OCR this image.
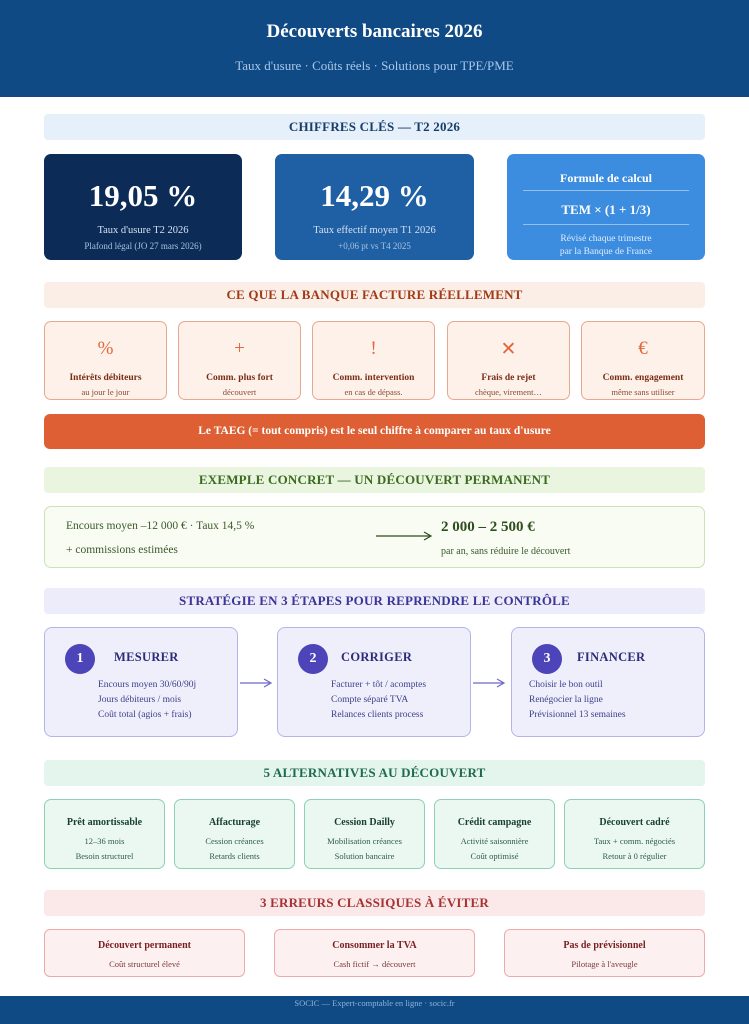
Découverts bancaires 2026

Taux d'usure · Coûts réels · Solutions pour TPE/PME

CHIFFRES CLÉS — T2 2026
19,05 %
Taux d'usure T2 2026
Plafond légal (JO 27 mars 2026)
14,29 %
Taux effectif moyen T1 2026
+0,06 pt vs T4 2025
Formule de calcul
TEM × (1 + 1/3)
Révisé chaque trimestre
par la Banque de France
CE QUE LA BANQUE FACTURE RÉELLEMENT
%
Intérêts débiteurs
au jour le jour
+
Comm. plus fort
découvert
!
Comm. intervention
en cas de dépass.
✕
Frais de rejet
chèque, virement…
€
Comm. engagement
même sans utiliser
Le TAEG (= tout compris) est le seul chiffre à comparer au taux d'usure
EXEMPLE CONCRET — UN DÉCOUVERT PERMANENT
Encours moyen –12 000 € · Taux 14,5 %
+ commissions estimées
2 000 – 2 500 €
par an, sans réduire le découvert
STRATÉGIE EN 3 ÉTAPES POUR REPRENDRE LE CONTRÔLE
1	MESURER
Encours moyen 30/60/90j
Jours débiteurs / mois
Coût total (agios + frais)
2	CORRIGER
Facturer + tôt / acomptes
Compte séparé TVA
Relances clients process
3	FINANCER
Choisir le bon outil
Renégocier la ligne
Prévisionnel 13 semaines
5 ALTERNATIVES AU DÉCOUVERT
Prêt amortissable
12–36 mois
Besoin structurel
Affacturage
Cession créances
Retards clients
Cession Dailly
Mobilisation créances
Solution bancaire
Crédit campagne
Activité saisonnière
Coût optimisé
Découvert cadré
Taux + comm. négociés
Retour à 0 régulier
3 ERREURS CLASSIQUES À ÉVITER
Découvert permanent
Coût structurel élevé
Consommer la TVA
Cash fictif → découvert
Pas de prévisionnel
Pilotage à l'aveugle
SOCIC — Expert-comptable en ligne · socic.fr
